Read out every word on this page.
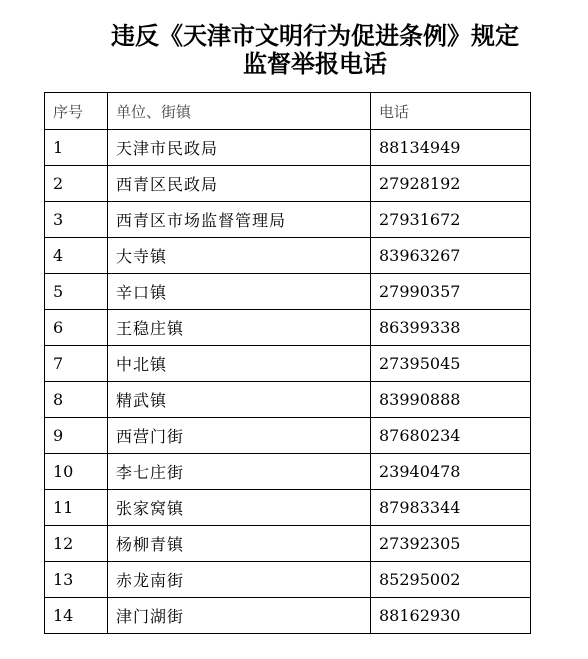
违反《天津市文明行为促进条例》规定
监督举报电话
序号	单位、街镇	电话
1	天津市民政局	88134949
2	西青区民政局	27928192
3	西青区市场监督管理局	27931672
4	大寺镇	83963267
5	辛口镇	27990357
6	王稳庄镇	86399338
7	中北镇	27395045
8	精武镇	83990888
9	西营门街	87680234
10	李七庄街	23940478
11	张家窝镇	87983344
12	杨柳青镇	27392305
13	赤龙南街	85295002
14	津门湖街	88162930
